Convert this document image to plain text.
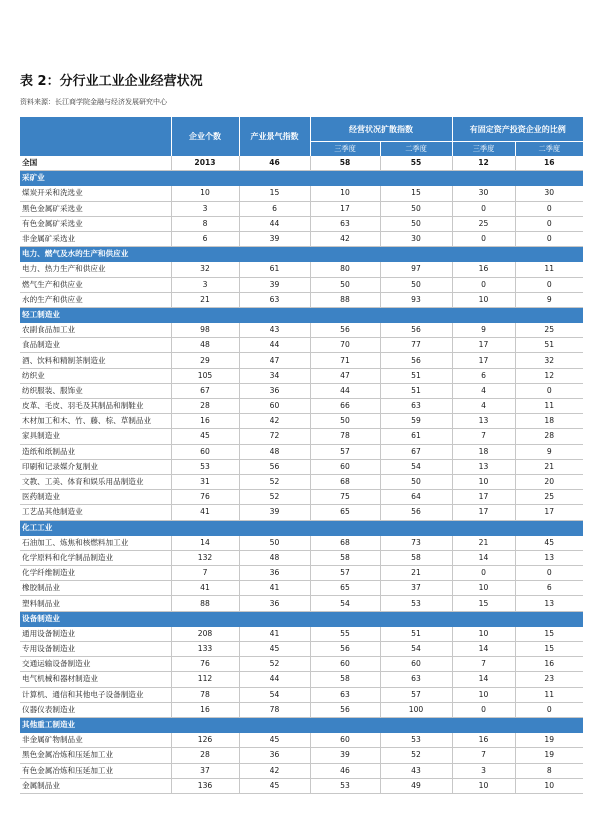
表 2：分行业工业企业经营状况
资料来源：长江商学院金融与经济发展研究中心
	企业个数	产业景气指数	经营状况扩散指数		有固定资产投资企业的比例	
			三季度	二季度	三季度	二季度
全国	2013	46	58	55	12	16
采矿业						
煤炭开采和洗选业	10	15	10	15	30	30
黑色金属矿采选业	3	6	17	50	0	0
有色金属矿采选业	8	44	63	50	25	0
非金属矿采选业	6	39	42	30	0	0
电力、燃气及水的生产和供应业						
电力、热力生产和供应业	32	61	80	97	16	11
燃气生产和供应业	3	39	50	50	0	0
水的生产和供应业	21	63	88	93	10	9
轻工制造业						
农副食品加工业	98	43	56	56	9	25
食品制造业	48	44	70	77	17	51
酒、饮料和精制茶制造业	29	47	71	56	17	32
纺织业	105	34	47	51	6	12
纺织服装、服饰业	67	36	44	51	4	0
皮革、毛皮、羽毛及其制品和制鞋业	28	60	66	63	4	11
木材加工和木、竹、藤、棕、草制品业	16	42	50	59	13	18
家具制造业	45	72	78	61	7	28
造纸和纸制品业	60	48	57	67	18	9
印刷和记录媒介复制业	53	56	60	54	13	21
文教、工美、体育和娱乐用品制造业	31	52	68	50	10	20
医药制造业	76	52	75	64	17	25
工艺品其他制造业	41	39	65	56	17	17
化工工业						
石油加工、炼焦和核燃料加工业	14	50	68	73	21	45
化学原料和化学制品制造业	132	48	58	58	14	13
化学纤维制造业	7	36	57	21	0	0
橡胶制品业	41	41	65	37	10	6
塑料制品业	88	36	54	53	15	13
设备制造业						
通用设备制造业	208	41	55	51	10	15
专用设备制造业	133	45	56	54	14	15
交通运输设备制造业	76	52	60	60	7	16
电气机械和器材制造业	112	44	58	63	14	23
计算机、通信和其他电子设备制造业	78	54	63	57	10	11
仪器仪表制造业	16	78	56	100	0	0
其他重工制造业						
非金属矿物制品业	126	45	60	53	16	19
黑色金属冶炼和压延加工业	28	36	39	52	7	19
有色金属冶炼和压延加工业	37	42	46	43	3	8
金属制品业	136	45	53	49	10	10
